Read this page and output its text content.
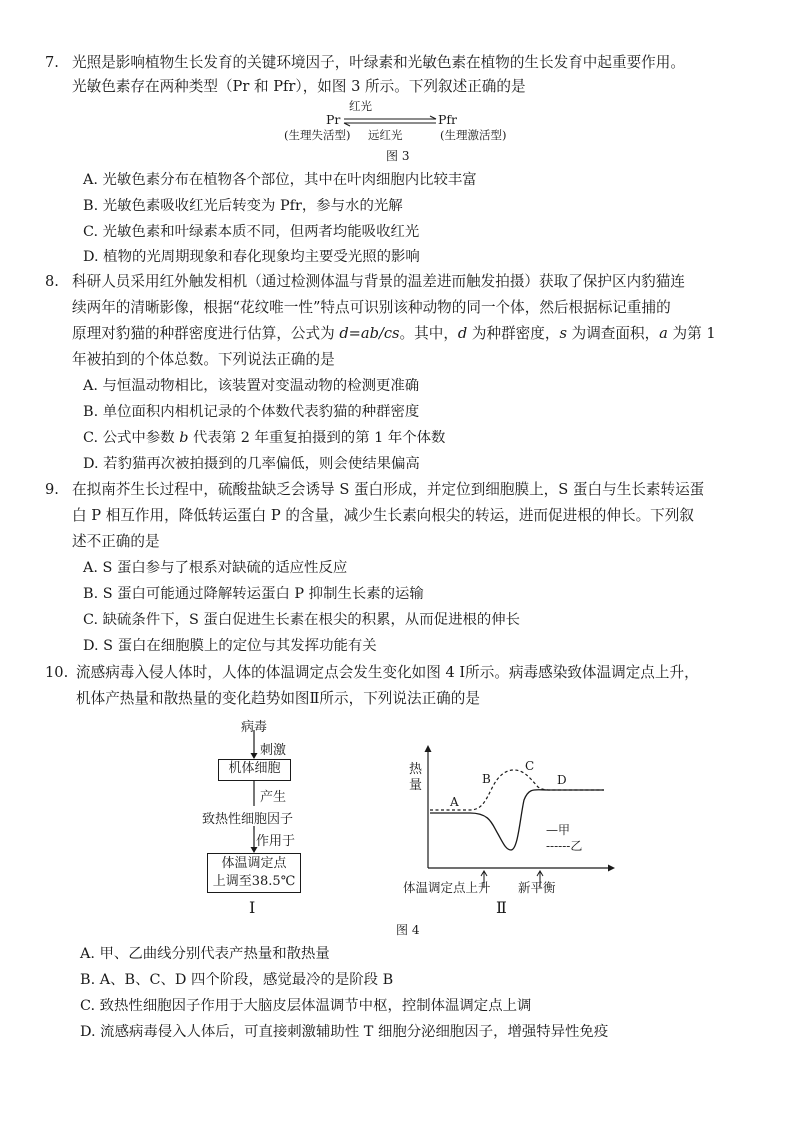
7. 光照是影响植物生长发育的关键环境因子，叶绿素和光敏色素在植物的生长发育中起重要作用。
光敏色素存在两种类型（Pr 和 Pfr），如图 3 所示。下列叙述正确的是
红光
Pr	Pfr
(生理失活型) 远红光	(生理激活型)
图 3
A. 光敏色素分布在植物各个部位，其中在叶肉细胞内比较丰富
B. 光敏色素吸收红光后转变为 Pfr，参与水的光解
C. 光敏色素和叶绿素本质不同，但两者均能吸收红光
D. 植物的光周期现象和春化现象均主要受光照的影响
8. 科研人员采用红外触发相机（通过检测体温与背景的温差进而触发拍摄）获取了保护区内豹猫连
续两年的清晰影像，根据“花纹唯一性”特点可识别该种动物的同一个体，然后根据标记重捕的
原理对豹猫的种群密度进行估算，公式为 d=ab/cs。其中，d 为种群密度，s 为调查面积，a 为第 1
年被拍到的个体总数。下列说法正确的是
A. 与恒温动物相比，该装置对变温动物的检测更准确
B. 单位面积内相机记录的个体数代表豹猫的种群密度
C. 公式中参数 b 代表第 2 年重复拍摄到的第 1 年个体数
D. 若豹猫再次被拍摄到的几率偏低，则会使结果偏高
9. 在拟南芥生长过程中，硫酸盐缺乏会诱导 S 蛋白形成，并定位到细胞膜上，S 蛋白与生长素转运蛋
白 P 相互作用，降低转运蛋白 P 的含量，减少生长素向根尖的转运，进而促进根的伸长。下列叙
述不正确的是
A. S 蛋白参与了根系对缺硫的适应性反应
B. S 蛋白可能通过降解转运蛋白 P 抑制生长素的运输
C. 缺硫条件下，S 蛋白促进生长素在根尖的积累，从而促进根的伸长
D. S 蛋白在细胞膜上的定位与其发挥功能有关
10. 流感病毒入侵人体时，人体的体温调定点会发生变化如图 4 Ⅰ所示。病毒感染致体温调定点上升，
机体产热量和散热量的变化趋势如图Ⅱ所示，下列说法正确的是
病毒
刺激
机体细胞
产生
致热性细胞因子
作用于
体温调定点
上调至38.5℃
Ⅰ
热
量
A
B
C
D
—甲
------乙
体温调定点上升 新平衡
Ⅱ
图 4
A. 甲、乙曲线分别代表产热量和散热量
B. A、B、C、D 四个阶段，感觉最冷的是阶段 B
C. 致热性细胞因子作用于大脑皮层体温调节中枢，控制体温调定点上调
D. 流感病毒侵入人体后，可直接刺激辅助性 T 细胞分泌细胞因子，增强特异性免疫
